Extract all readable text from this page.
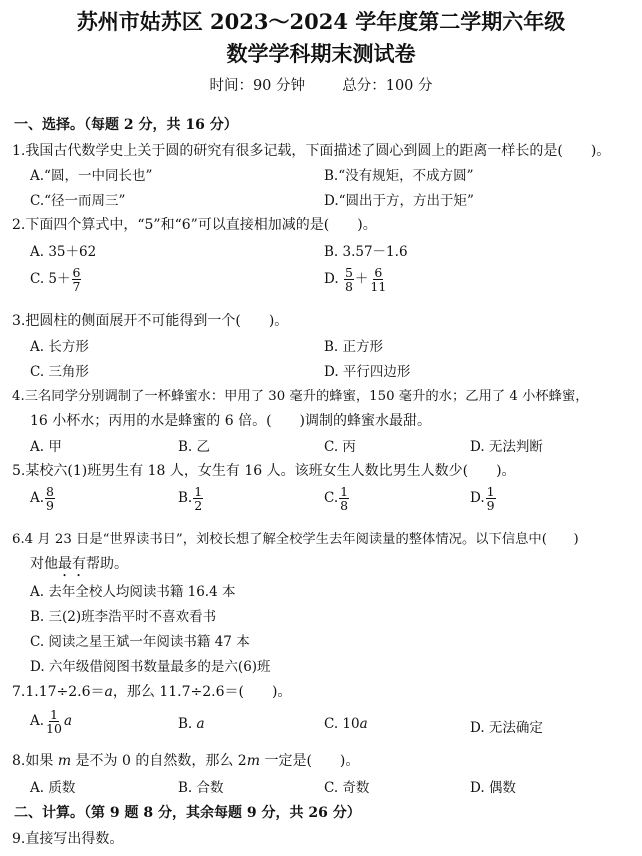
苏州市姑苏区 2023～2024 学年度第二学期六年级
数学学科期末测试卷
时间：90 分钟	总分：100 分
一、选择。（每题 2 分，共 16 分）
1.我国古代数学史上关于圆的研究有很多记载，下面描述了圆心到圆上的距离一样长的是(　　)。
A.“圆，一中同长也”	B.“没有规矩，不成方圆”
C.“径一而周三”	D.“圆出于方，方出于矩”
2.下面四个算式中，“5”和“6”可以直接相加减的是(　　)。
A. 35＋62	B. 3.57－1.6
C. $5+ \frac{6}{7}$	D. $\frac{5}{8} + \frac{6}{11}$
3.把圆柱的侧面展开不可能得到一个(　　)。
A. 长方形	B. 正方形
C. 三角形	D. 平行四边形
4.三名同学分别调制了一杯蜂蜜水：甲用了 30 毫升的蜂蜜，150 毫升的水；乙用了 4 小杯蜂蜜，
16 小杯水；丙用的水是蜂蜜的 6 倍。(　　)调制的蜂蜜水最甜。
A. 甲	B. 乙	C. 丙	D. 无法判断
5.某校六(1)班男生有 18 人，女生有 16 人。该班女生人数比男生人数少(　　)。
A. $\frac{8}{9}$	B. $\frac{1}{2}$	C. $\frac{1}{8}$	D. $\frac{1}{9}$
6.4 月 23 日是“世界读书日”，刘校长想了解全校学生去年阅读量的整体情况。以下信息中(　　)
对他最有帮助。
A. 去年全校人均阅读书籍 16.4 本
B. 三(2)班李浩平时不喜欢看书
C. 阅读之星王斌一年阅读书籍 47 本
D. 六年级借阅图书数量最多的是六(6)班
7.1.17÷2.6＝a，那么 11.7÷2.6＝(　　)。
A. $\frac{1}{10}$ a	B. a	C. 10a	D. 无法确定
8.如果 m 是不为 0 的自然数，那么 2m 一定是(　　)。
A. 质数	B. 合数	C. 奇数	D. 偶数
二、计算。（第 9 题 8 分，其余每题 9 分，共 26 分）
9.直接写出得数。
